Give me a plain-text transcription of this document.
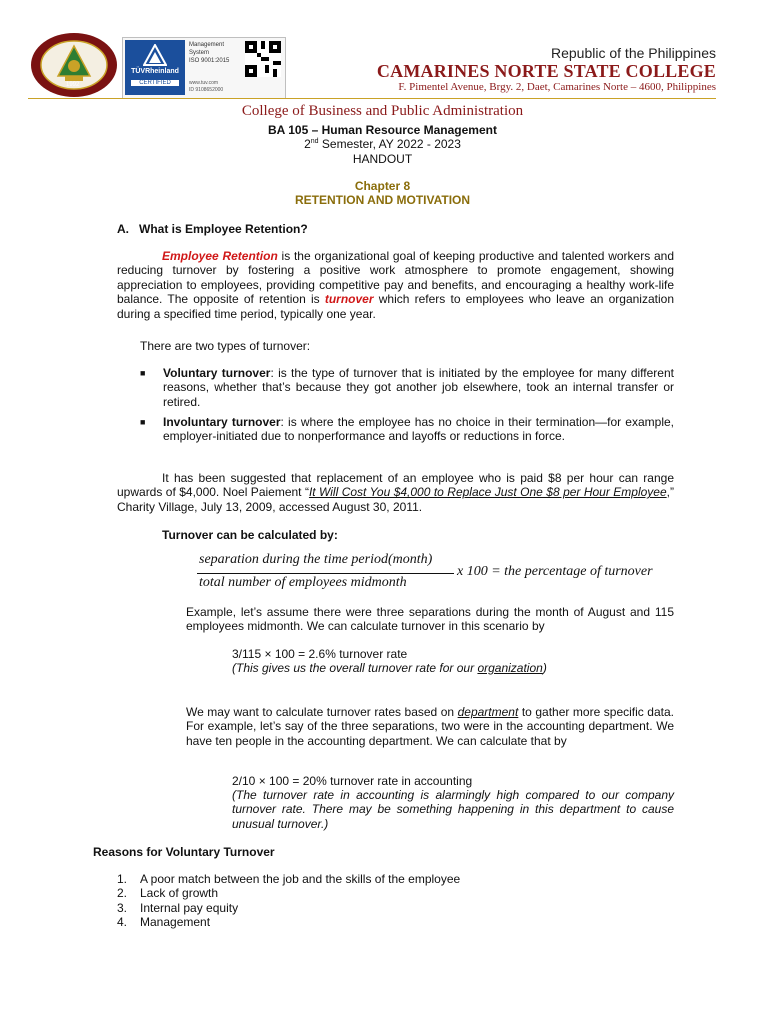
1992
TÜVRheinland
CERTIFIED
Management
System
ISO 9001:2015
www.tuv.com
ID 9108652000
Republic of the Philippines
CAMARINES NORTE STATE COLLEGE
F. Pimentel Avenue, Brgy. 2, Daet, Camarines Norte – 4600, Philippines
College of Business and Public Administration
BA 105 – Human Resource Management
2nd Semester, AY 2022 - 2023
HANDOUT
Chapter 8
RETENTION AND MOTIVATION
A.   What is Employee Retention?

Employee Retention is the organizational goal of keeping productive and talented workers and reducing turnover by fostering a positive work atmosphere to promote engagement, showing appreciation to employees, providing competitive pay and benefits, and encouraging a healthy work-life balance. The opposite of retention is turnover which refers to employees who leave an organization during a specified time period, typically one year.

There are two types of turnover:
■ Voluntary turnover: is the type of turnover that is initiated by the employee for many different reasons, whether that’s because they got another job elsewhere, took an internal transfer or retired.

■ Involuntary turnover: is where the employee has no choice in their termination—for example, employer-initiated due to nonperformance and layoffs or reductions in force.

It has been suggested that replacement of an employee who is paid $8 per hour can range upwards of $4,000. Noel Paiement “It Will Cost You $4,000 to Replace Just One $8 per Hour Employee,” Charity Village, July 13, 2009, accessed August 30, 2011.

Turnover can be calculated by:
separation during the time period(month)
total number of employees midmonth
x 100 = the percentage of turnover

Example, let’s assume there were three separations during the month of August and 115 employees midmonth. We can calculate turnover in this scenario by

3/115 × 100 = 2.6% turnover rate
(This gives us the overall turnover rate for our organization)

We may want to calculate turnover rates based on department to gather more specific data. For example, let’s say of the three separations, two were in the accounting department. We have ten people in the accounting department. We can calculate that by

2/10 × 100 = 20% turnover rate in accounting

(The turnover rate in accounting is alarmingly high compared to our company turnover rate. There may be something happening in this department to cause unusual turnover.)

Reasons for Voluntary Turnover
1. A poor match between the job and the skills of the employee
2. Lack of growth
3. Internal pay equity
4. Management
